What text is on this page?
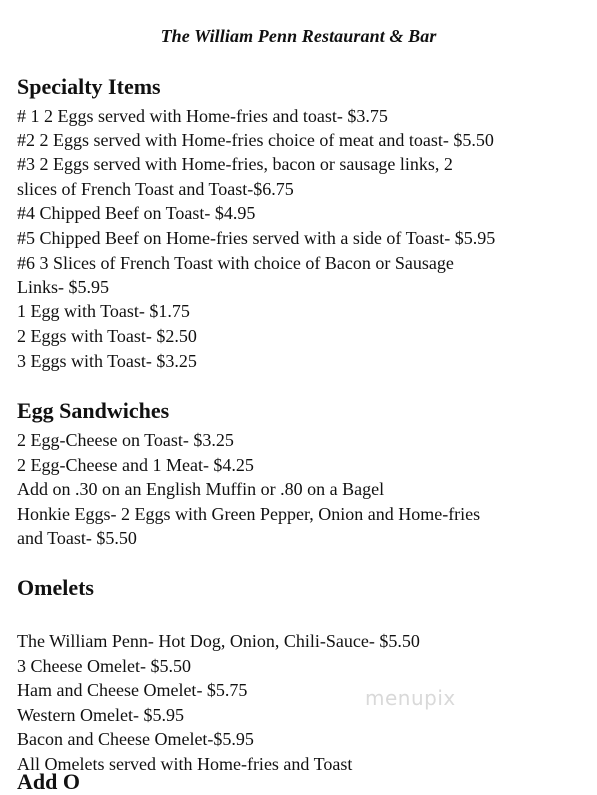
The William Penn Restaurant & Bar
Specialty Items
# 1 2 Eggs served with Home-fries and toast- $3.75
#2 2 Eggs served with Home-fries choice of meat and toast- $5.50
#3 2 Eggs served with Home-fries, bacon or sausage links, 2
slices of French Toast and Toast-$6.75
#4 Chipped Beef on Toast- $4.95
#5 Chipped Beef on Home-fries served with a side of Toast- $5.95
#6 3 Slices of French Toast with choice of Bacon or Sausage
Links- $5.95
1 Egg with Toast- $1.75
2 Eggs with Toast- $2.50
3 Eggs with Toast- $3.25
Egg Sandwiches
2 Egg-Cheese on Toast- $3.25
2 Egg-Cheese and 1 Meat- $4.25
Add on .30 on an English Muffin or .80 on a Bagel
Honkie Eggs- 2 Eggs with Green Pepper, Onion and Home-fries
and Toast- $5.50
Omelets
The William Penn- Hot Dog, Onion, Chili-Sauce- $5.50
3 Cheese Omelet- $5.50
Ham and Cheese Omelet- $5.75
Western Omelet- $5.95
Bacon and Cheese Omelet-$5.95
All Omelets served with Home-fries and Toast
Add O
menupix
